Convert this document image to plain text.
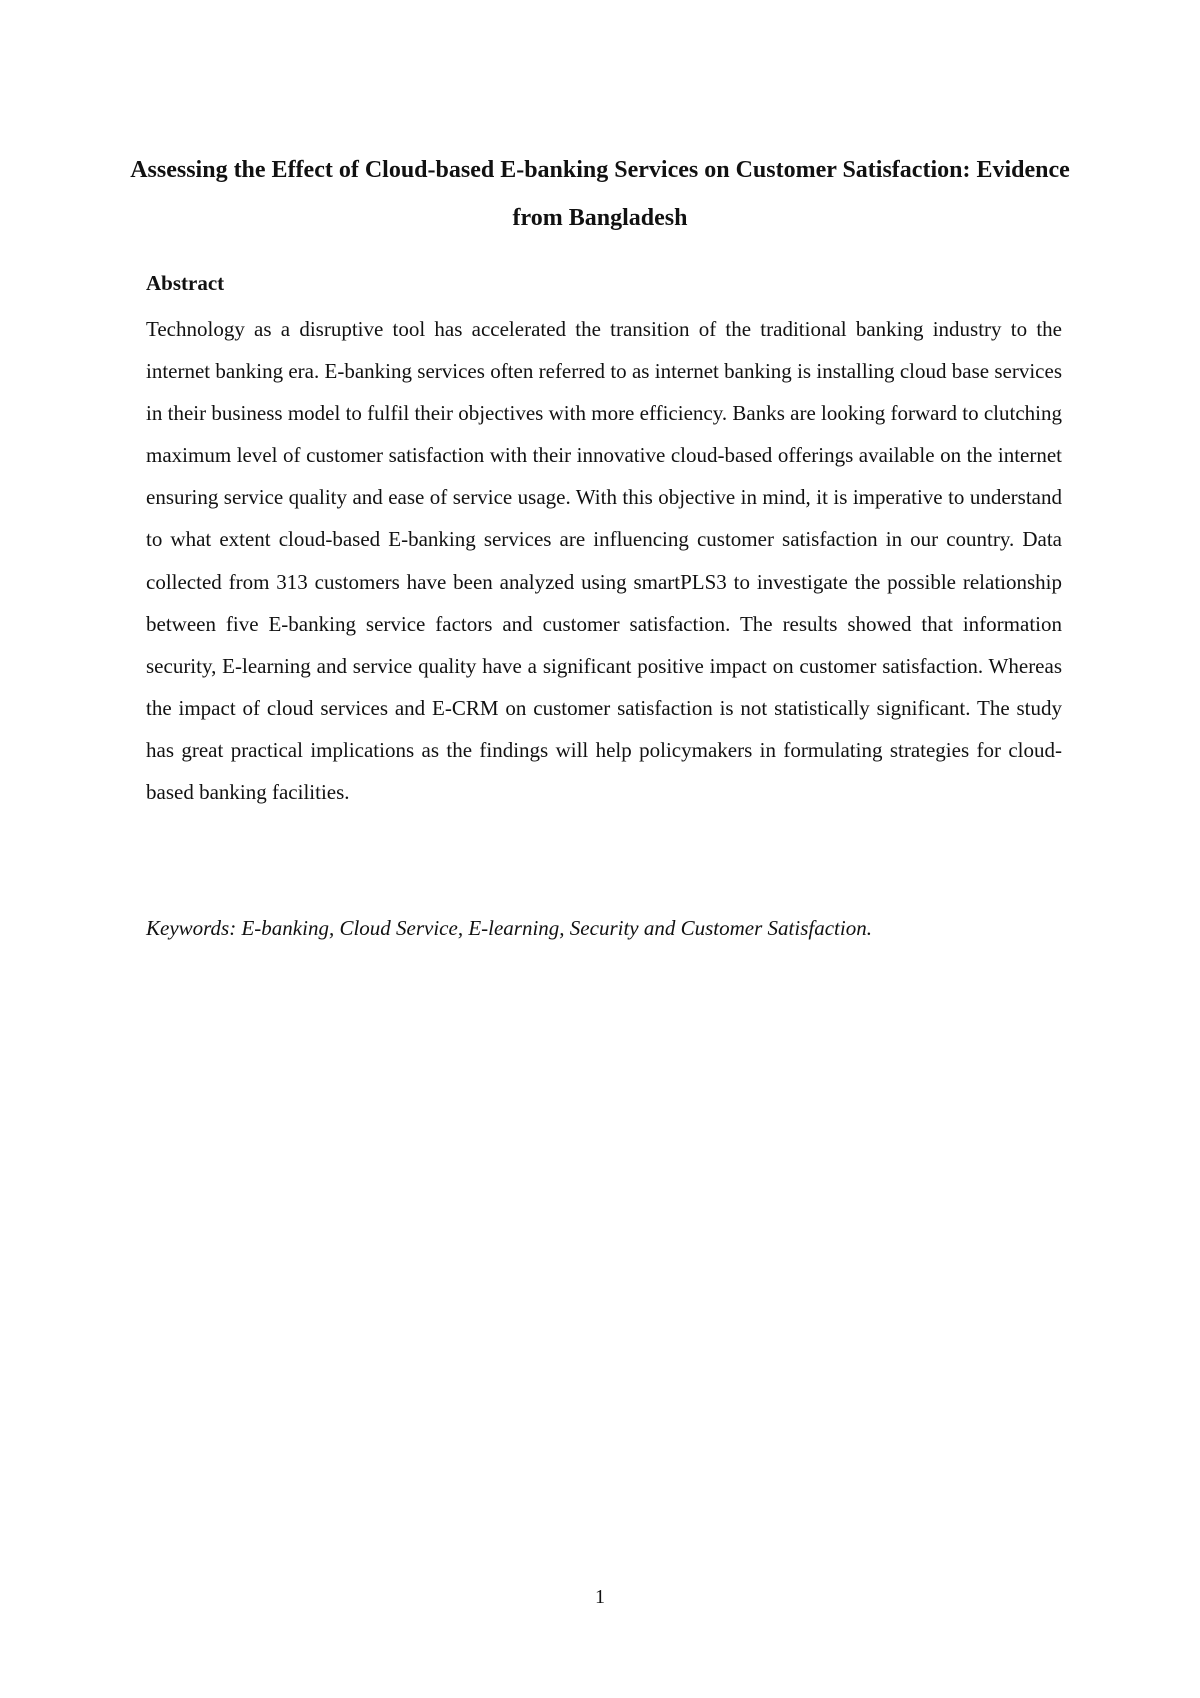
Assessing the Effect of Cloud-based E-banking Services on Customer Satisfaction: Evidence from Bangladesh
Abstract

Technology as a disruptive tool has accelerated the transition of the traditional banking industry to the internet banking era. E-banking services often referred to as internet banking is installing cloud base services in their business model to fulfil their objectives with more efficiency. Banks are looking forward to clutching maximum level of customer satisfaction with their innovative cloud-based offerings available on the internet ensuring service quality and ease of service usage. With this objective in mind, it is imperative to understand to what extent cloud-based E-banking services are influencing customer satisfaction in our country. Data collected from 313 customers have been analyzed using smartPLS3 to investigate the possible relationship between five E-banking service factors and customer satisfaction. The results showed that information security, E-learning and service quality have a significant positive impact on customer satisfaction. Whereas the impact of cloud services and E-CRM on customer satisfaction is not statistically significant. The study has great practical implications as the findings will help policymakers in formulating strategies for cloud-based banking facilities.

Keywords: E-banking, Cloud Service, E-learning, Security and Customer Satisfaction.

1
